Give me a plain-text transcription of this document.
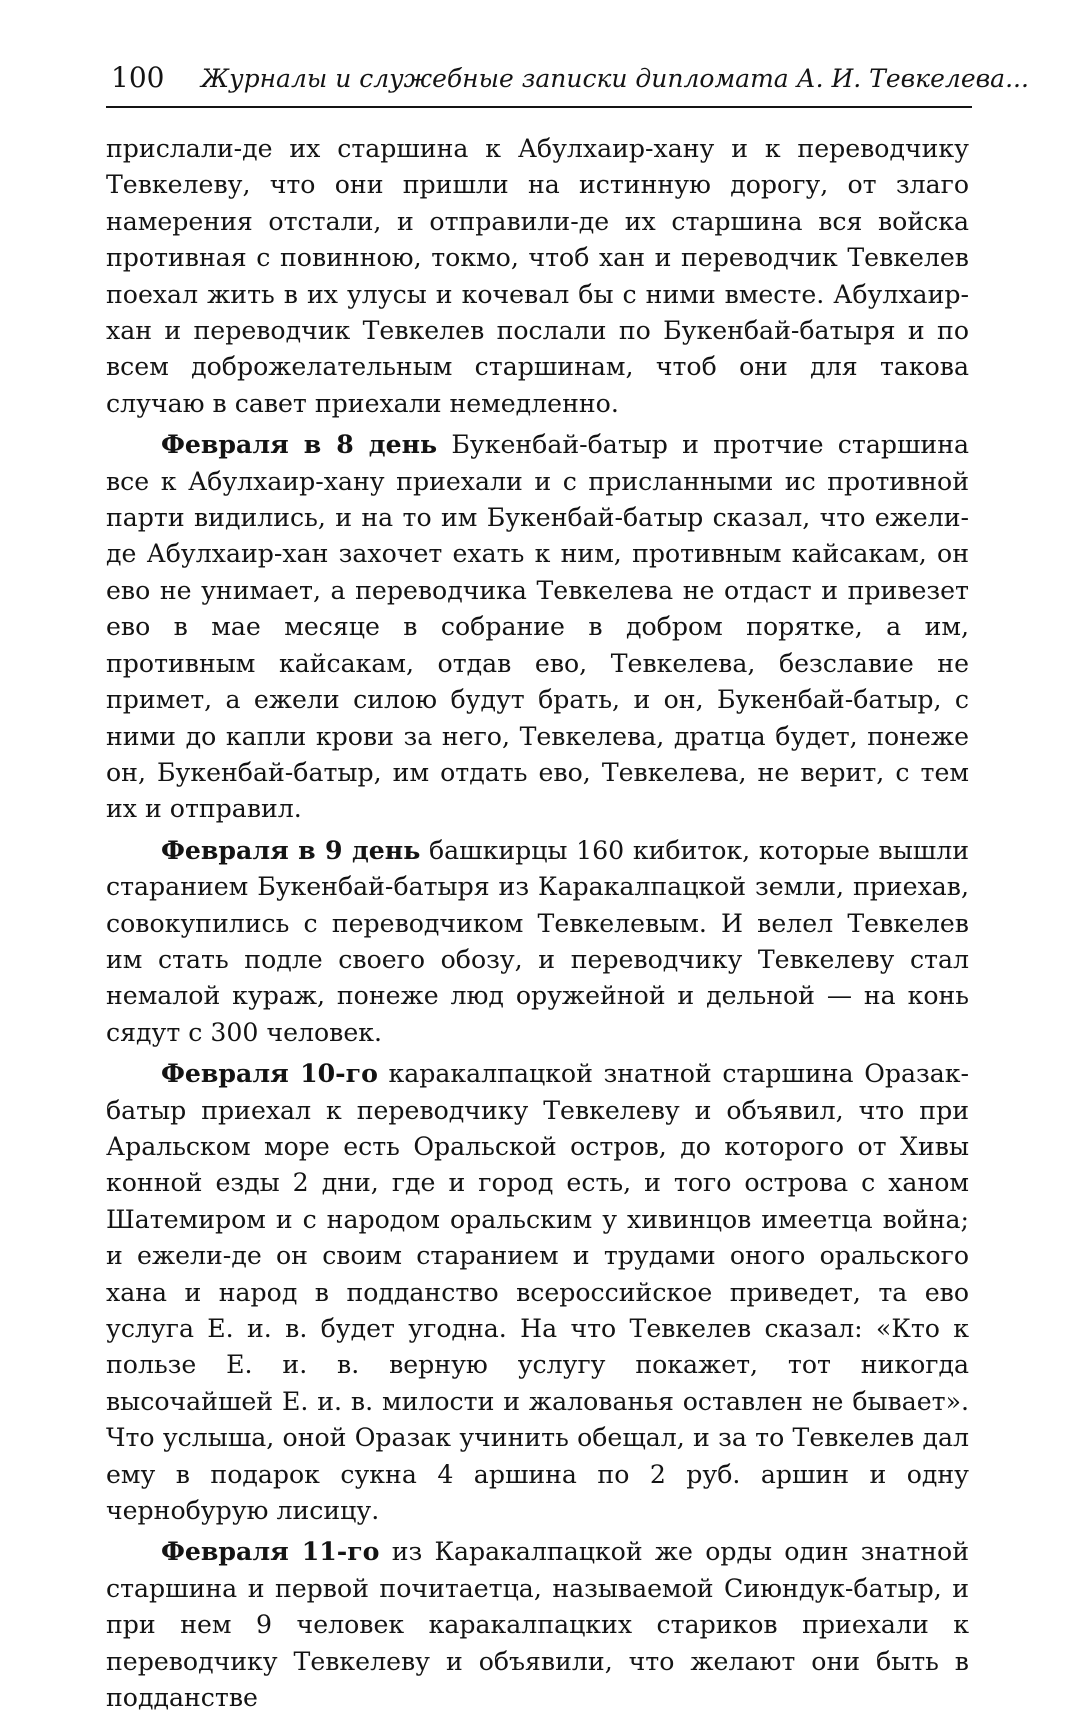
100 Журналы и служебные записки дипломата А. И. Тевкелева...

прислали-де их старшина к Абулхаир-хану и к переводчику Тевкелеву, что они пришли на истинную дорогу, от злаго намерения отстали, и отправили-де их старшина вся войска противная с повинною, токмо, чтоб хан и переводчик Тевкелев поехал жить в их улусы и кочевал бы с ними вместе. Абулхаир-хан и переводчик Тевкелев послали по Букенбай-батыря и по всем доброжелательным старшинам, чтоб они для такова случаю в савет приехали немедленно.

Февраля в 8 день Букенбай-батыр и протчие старшина все к Абулхаир-хану приехали и с присланными ис противной парти видились, и на то им Букенбай-батыр сказал, что ежели-де Абулхаир-хан захочет ехать к ним, противным кайсакам, он ево не унимает, а переводчика Тевкелева не отдаст и привезет ево в мае месяце в собрание в добром порятке, а им, противным кайсакам, отдав ево, Тевкелева, безславие не примет, а ежели силою будут брать, и он, Букенбай-батыр, с ними до капли крови за него, Тевкелева, дратца будет, понеже он, Букенбай-батыр, им отдать ево, Тевкелева, не верит, с тем их и отправил.

Февраля в 9 день башкирцы 160 кибиток, которые вышли старанием Букенбай-батыря из Каракалпацкой земли, приехав, совокупились с переводчиком Тевкелевым. И велел Тевкелев им стать подле своего обозу, и переводчику Тевкелеву стал немалой кураж, понеже люд оружейной и дельной — на конь сядут с 300 человек.

Февраля 10-го каракалпацкой знатной старшина Оразак-батыр приехал к переводчику Тевкелеву и объявил, что при Аральском море есть Оральской остров, до которого от Хивы конной езды 2 дни, где и город есть, и того острова с ханом Шатемиром и с народом оральским у хивинцов имеетца война; и ежели-де он своим старанием и трудами оного оральского хана и народ в подданство всероссийское приведет, та ево услуга Е. и. в. будет угодна. На что Тевкелев сказал: «Кто к пользе Е. и. в. верную услугу покажет, тот никогда высочайшей Е. и. в. милости и жалованья оставлен не бывает». Что услыша, оной Оразак учинить обещал, и за то Тевкелев дал ему в подарок сукна 4 аршина по 2 руб. аршин и одну чернобурую лисицу.

Февраля 11-го из Каракалпацкой же орды один знатной старшина и первой почитаетца, называемой Сиюндук-батыр, и при нем 9 человек каракалпацких стариков приехали к переводчику Тевкелеву и объявили, что желают они быть в подданстве
